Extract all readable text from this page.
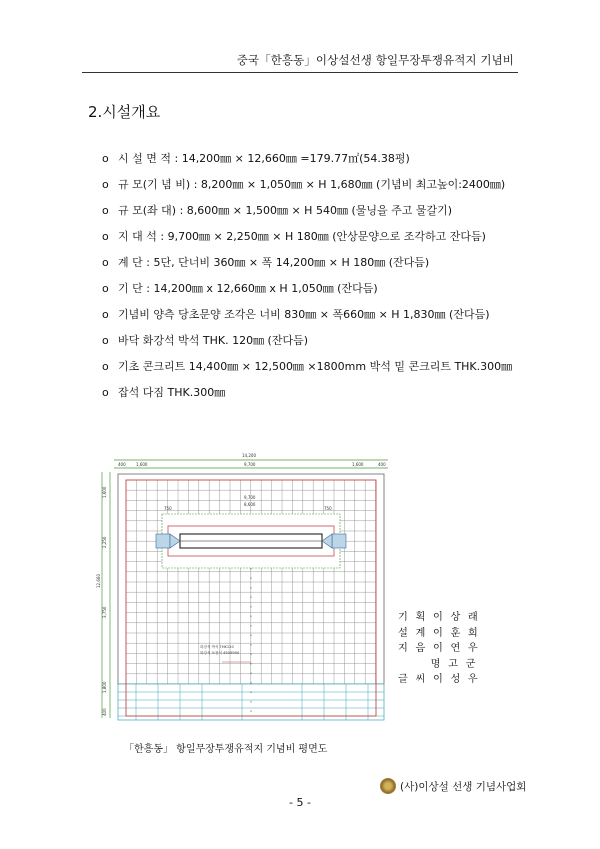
중국「한흥동」이상설선생 항일무장투쟁유적지 기념비
2.시설개요
o 시 설 면 적 : 14,200㎜ × 12,660㎜ =179.77㎡(54.38평)
o 규 모(기 념 비) : 8,200㎜ × 1,050㎜ × H 1,680㎜ (기념비 최고높이:2400㎜)
o 규 모(좌 대) : 8,600㎜ × 1,500㎜ × H 540㎜ (물닝을 주고 물갈기)
o 지 대 석 : 9,700㎜ × 2,250㎜ × H 180㎜ (안상문양으로 조각하고 잔다듬)
o 계 단 : 5단, 단너비 360㎜ × 폭 14,200㎜ × H 180㎜ (잔다듬)
o 기 단 : 14,200㎜ x 12,660㎜ x H 1,050㎜ (잔다듬)
o 기념비 양측 당초문양 조각은 너비 830㎜ × 폭660㎜ × H 1,830㎜ (잔다듬)
o 바닥 화강석 박석 THK. 120㎜ (잔다듬)
o 기초 콘크리트 14,400㎜ × 12,500㎜ ×1800mm 박석 밑 콘크리트 THK.300㎜
o 잡석 다짐 THK.300㎜
400	1,600
14,200
9,700	1,600	400
1,600
2,250
12,660
3,750
1,800
400
9,700
8,600
750	750
화강석 박석 THK120
화강석 포장석 450X900
기 획 이 상 래
설 계 이 훈 희
지 음 이 연 우
명 고 군
글 씨 이 성 우
「한흥동」 항일무장투쟁유적지 기념비 평면도
(사)이상설 선생 기념사업회
- 5 -
